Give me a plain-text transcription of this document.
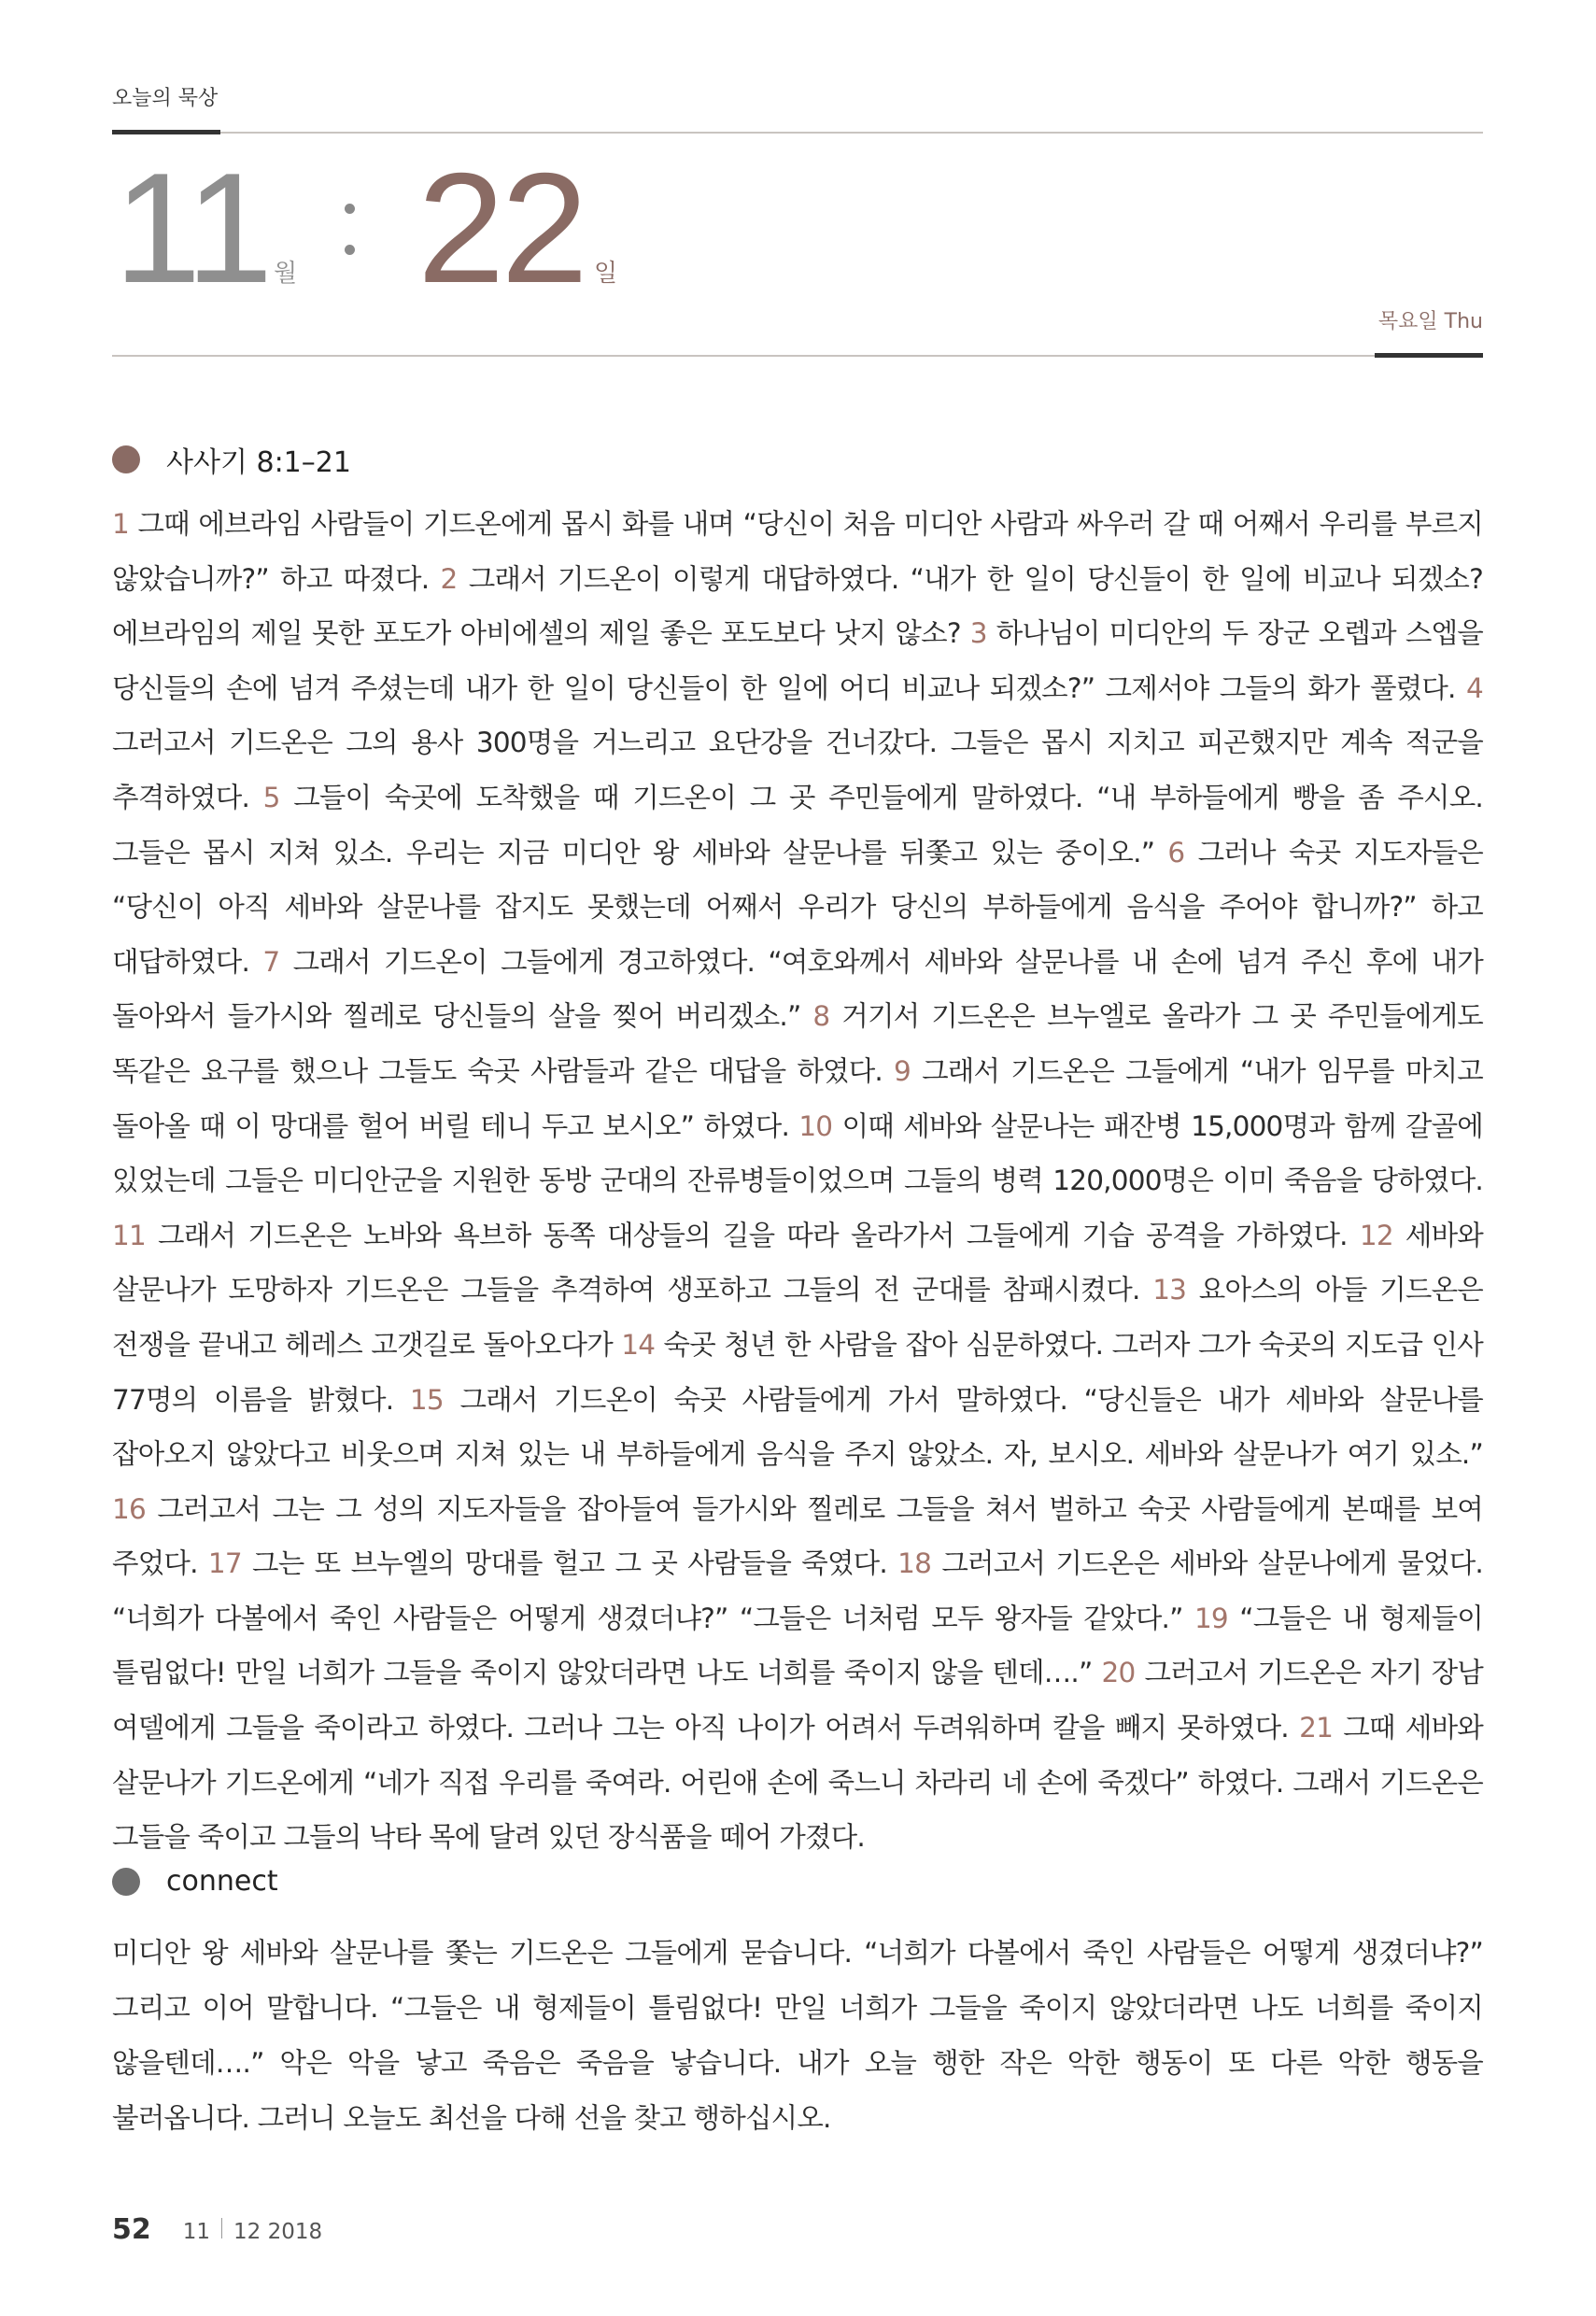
오늘의 묵상
11 월 22 일
목요일 Thu
사사기 8:1–21
1 그때 에브라임 사람들이 기드온에게 몹시 화를 내며 “당신이 처음 미디안 사람과 싸우러 갈 때 어째서 우리를 부르지 않았습니까?” 하고 따졌다. 2 그래서 기드온이 이렇게 대답하였다. “내가 한 일이 당신들이 한 일에 비교나 되겠소? 에브라임의 제일 못한 포도가 아비에셀의 제일 좋은 포도보다 낫지 않소? 3 하나님이 미디안의 두 장군 오렙과 스엡을 당신들의 손에 넘겨 주셨는데 내가 한 일이 당신들이 한 일에 어디 비교나 되겠소?” 그제서야 그들의 화가 풀렸다. 4 그러고서 기드온은 그의 용사 300명을 거느리고 요단강을 건너갔다. 그들은 몹시 지치고 피곤했지만 계속 적군을 추격하였다. 5 그들이 숙곳에 도착했을 때 기드온이 그 곳 주민들에게 말하였다. “내 부하들에게 빵을 좀 주시오. 그들은 몹시 지쳐 있소. 우리는 지금 미디안 왕 세바와 살문나를 뒤쫓고 있는 중이오.” 6 그러나 숙곳 지도자들은 “당신이 아직 세바와 살문나를 잡지도 못했는데 어째서 우리가 당신의 부하들에게 음식을 주어야 합니까?” 하고 대답하였다. 7 그래서 기드온이 그들에게 경고하였다. “여호와께서 세바와 살문나를 내 손에 넘겨 주신 후에 내가 돌아와서 들가시와 찔레로 당신들의 살을 찢어 버리겠소.” 8 거기서 기드온은 브누엘로 올라가 그 곳 주민들에게도 똑같은 요구를 했으나 그들도 숙곳 사람들과 같은 대답을 하였다. 9 그래서 기드온은 그들에게 “내가 임무를 마치고 돌아올 때 이 망대를 헐어 버릴 테니 두고 보시오” 하였다. 10 이때 세바와 살문나는 패잔병 15,000명과 함께 갈골에 있었는데 그들은 미디안군을 지원한 동방 군대의 잔류병들이었으며 그들의 병력 120,000명은 이미 죽음을 당하였다. 11 그래서 기드온은 노바와 욕브하 동쪽 대상들의 길을 따라 올라가서 그들에게 기습 공격을 가하였다. 12 세바와 살문나가 도망하자 기드온은 그들을 추격하여 생포하고 그들의 전 군대를 참패시켰다. 13 요아스의 아들 기드온은 전쟁을 끝내고 헤레스 고갯길로 돌아오다가 14 숙곳 청년 한 사람을 잡아 심문하였다. 그러자 그가 숙곳의 지도급 인사 77명의 이름을 밝혔다. 15 그래서 기드온이 숙곳 사람들에게 가서 말하였다. “당신들은 내가 세바와 살문나를 잡아오지 않았다고 비웃으며 지쳐 있는 내 부하들에게 음식을 주지 않았소. 자, 보시오. 세바와 살문나가 여기 있소.” 16 그러고서 그는 그 성의 지도자들을 잡아들여 들가시와 찔레로 그들을 쳐서 벌하고 숙곳 사람들에게 본때를 보여 주었다. 17 그는 또 브누엘의 망대를 헐고 그 곳 사람들을 죽였다. 18 그러고서 기드온은 세바와 살문나에게 물었다. “너희가 다볼에서 죽인 사람들은 어떻게 생겼더냐?” “그들은 너처럼 모두 왕자들 같았다.” 19 “그들은 내 형제들이 틀림없다! 만일 너희가 그들을 죽이지 않았더라면 나도 너희를 죽이지 않을 텐데….” 20 그러고서 기드온은 자기 장남 여델에게 그들을 죽이라고 하였다. 그러나 그는 아직 나이가 어려서 두려워하며 칼을 빼지 못하였다. 21 그때 세바와 살문나가 기드온에게 “네가 직접 우리를 죽여라. 어린애 손에 죽느니 차라리 네 손에 죽겠다” 하였다. 그래서 기드온은 그들을 죽이고 그들의 낙타 목에 달려 있던 장식품을 떼어 가졌다.
connect
미디안 왕 세바와 살문나를 쫓는 기드온은 그들에게 묻습니다. “너희가 다볼에서 죽인 사람들은 어떻게 생겼더냐?” 그리고 이어 말합니다. “그들은 내 형제들이 틀림없다! 만일 너희가 그들을 죽이지 않았더라면 나도 너희를 죽이지 않을텐데….” 악은 악을 낳고 죽음은 죽음을 낳습니다. 내가 오늘 행한 작은 악한 행동이 또 다른 악한 행동을 불러옵니다. 그러니 오늘도 최선을 다해 선을 찾고 행하십시오.
52 11 12 2018
